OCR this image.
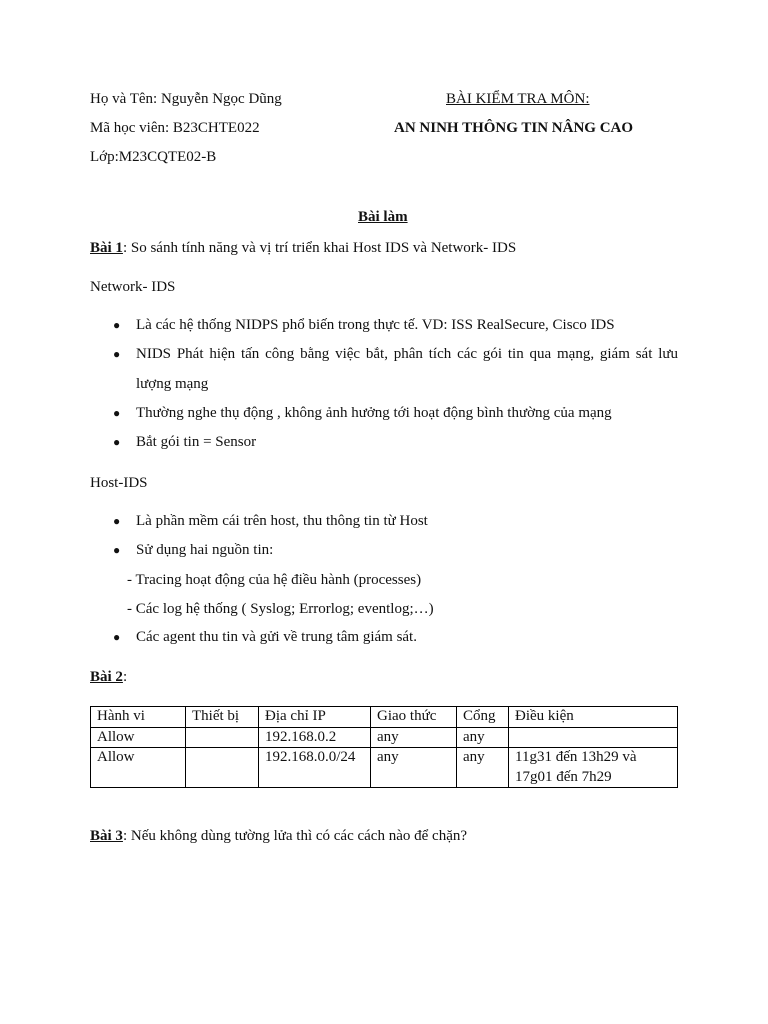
Họ và Tên: Nguyễn Ngọc Dũng
Mã học viên: B23CHTE022
Lớp:M23CQTE02-B
BÀI KIỂM TRA MÔN:
AN NINH THÔNG TIN NÂNG CAO
Bài làm
Bài 1: So sánh tính năng và vị trí triển khai Host IDS và Network- IDS
Network- IDS
● Là các hệ thống NIDPS phổ biến trong thực tế. VD: ISS RealSecure, Cisco IDS
● NIDS Phát hiện tấn công bằng việc bắt, phân tích các gói tin qua mạng, giám sát lưu lượng mạng
● Thường nghe thụ động , không ảnh hưởng tới hoạt động bình thường của mạng
● Bắt gói tin = Sensor
Host-IDS
● Là phần mềm cái trên host, thu thông tin từ Host
● Sử dụng hai nguồn tin:
- Tracing hoạt động của hệ điều hành (processes)
- Các log hệ thống ( Syslog; Errorlog; eventlog;…)
● Các agent thu tin và gửi về trung tâm giám sát.
Bài 2:
Hành vi	Thiết bị	Địa chỉ IP	Giao thức	Cổng	Điều kiện
Allow		192.168.0.2	any	any	
Allow		192.168.0.0/24	any	any	11g31 đến 13h29 và 17g01 đến 7h29
Bài 3: Nếu không dùng tường lửa thì có các cách nào để chặn?
